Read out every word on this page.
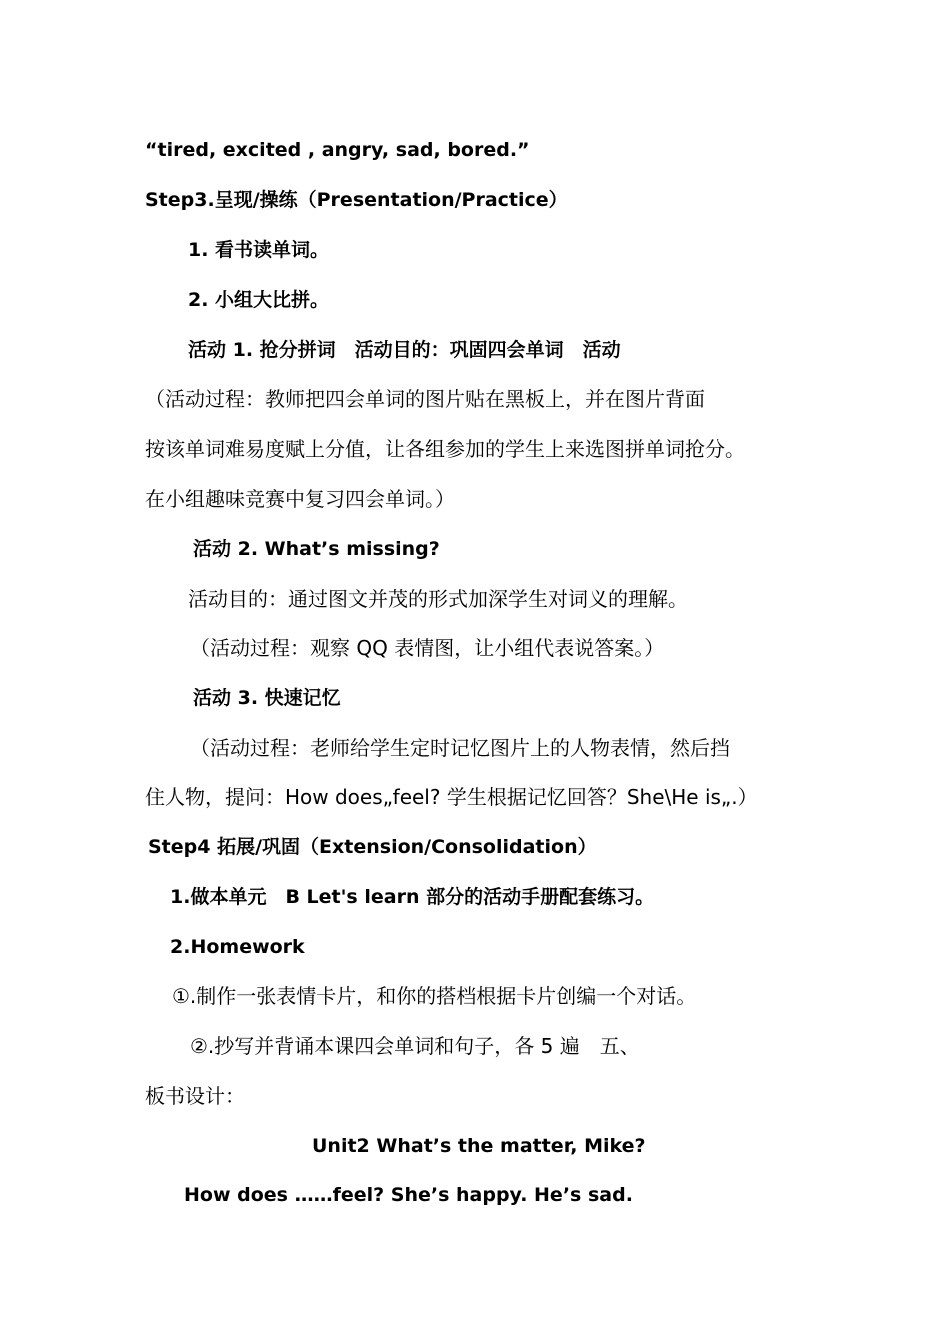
“tired, excited , angry, sad, bored.”
Step3.呈现/操练（Presentation/Practice）
1. 看书读单词。
2. 小组大比拼。
活动 1. 抢分拼词　活动目的：巩固四会单词　活动
（活动过程：教师把四会单词的图片贴在黑板上，并在图片背面
按该单词难易度赋上分值，让各组参加的学生上来选图拼单词抢分。
在小组趣味竞赛中复习四会单词。）
活动 2. What’s missing?
活动目的：通过图文并茂的形式加深学生对词义的理解。
（活动过程：观察 QQ 表情图，让小组代表说答案。）
活动 3. 快速记忆
（活动过程：老师给学生定时记忆图片上的人物表情，然后挡
住人物，提问：How does„feel? 学生根据记忆回答？She\He is„.）
Step4 拓展/巩固（Extension/Consolidation）
1.做本单元　B Let's learn 部分的活动手册配套练习。
2.Homework
①.制作一张表情卡片，和你的搭档根据卡片创编一个对话。
②.抄写并背诵本课四会单词和句子，各 5 遍　五、
板书设计：
Unit2 What’s the matter, Mike?
How does ……feel? She’s happy. He’s sad.
